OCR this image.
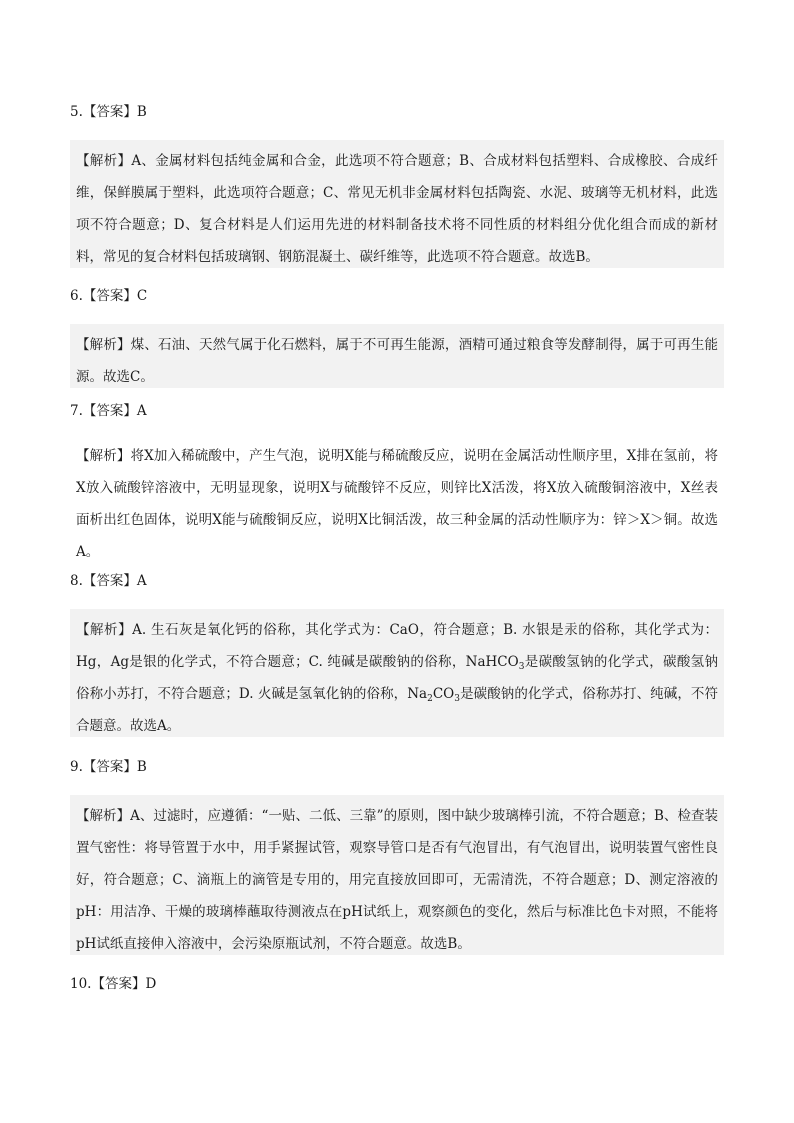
5.【答案】B
【解析】A、金属材料包括纯金属和合金，此选项不符合题意；B、合成材料包括塑料、合成橡胶、合成纤维，保鲜膜属于塑料，此选项符合题意；C、常见无机非金属材料包括陶瓷、水泥、玻璃等无机材料，此选项不符合题意；D、复合材料是人们运用先进的材料制备技术将不同性质的材料组分优化组合而成的新材料，常见的复合材料包括玻璃钢、钢筋混凝土、碳纤维等，此选项不符合题意。故选B。
6.【答案】C
【解析】煤、石油、天然气属于化石燃料，属于不可再生能源，酒精可通过粮食等发酵制得，属于可再生能源。故选C。
7.【答案】A
【解析】将X加入稀硫酸中，产生气泡，说明X能与稀硫酸反应，说明在金属活动性顺序里，X排在氢前，将X放入硫酸锌溶液中，无明显现象，说明X与硫酸锌不反应，则锌比X活泼，将X放入硫酸铜溶液中，X丝表面析出红色固体，说明X能与硫酸铜反应，说明X比铜活泼，故三种金属的活动性顺序为：锌＞X＞铜。故选A。
8.【答案】A
【解析】A. 生石灰是氧化钙的俗称，其化学式为：CaO，符合题意；B. 水银是汞的俗称，其化学式为：Hg，Ag是银的化学式，不符合题意；C. 纯碱是碳酸钠的俗称，NaHCO$_3$是碳酸氢钠的化学式，碳酸氢钠俗称小苏打，不符合题意；D. 火碱是氢氧化钠的俗称，$Na_2CO_3$是碳酸钠的化学式，俗称苏打、纯碱，不符合题意。故选A。
9.【答案】B
【解析】A、过滤时，应遵循：“一贴、二低、三靠”的原则，图中缺少玻璃棒引流，不符合题意；B、检查装置气密性：将导管置于水中，用手紧握试管，观察导管口是否有气泡冒出，有气泡冒出，说明装置气密性良好，符合题意；C、滴瓶上的滴管是专用的，用完直接放回即可，无需清洗，不符合题意；D、测定溶液的pH：用洁净、干燥的玻璃棒蘸取待测液点在pH试纸上，观察颜色的变化，然后与标准比色卡对照，不能将pH试纸直接伸入溶液中，会污染原瓶试剂，不符合题意。故选B。
10.【答案】D
